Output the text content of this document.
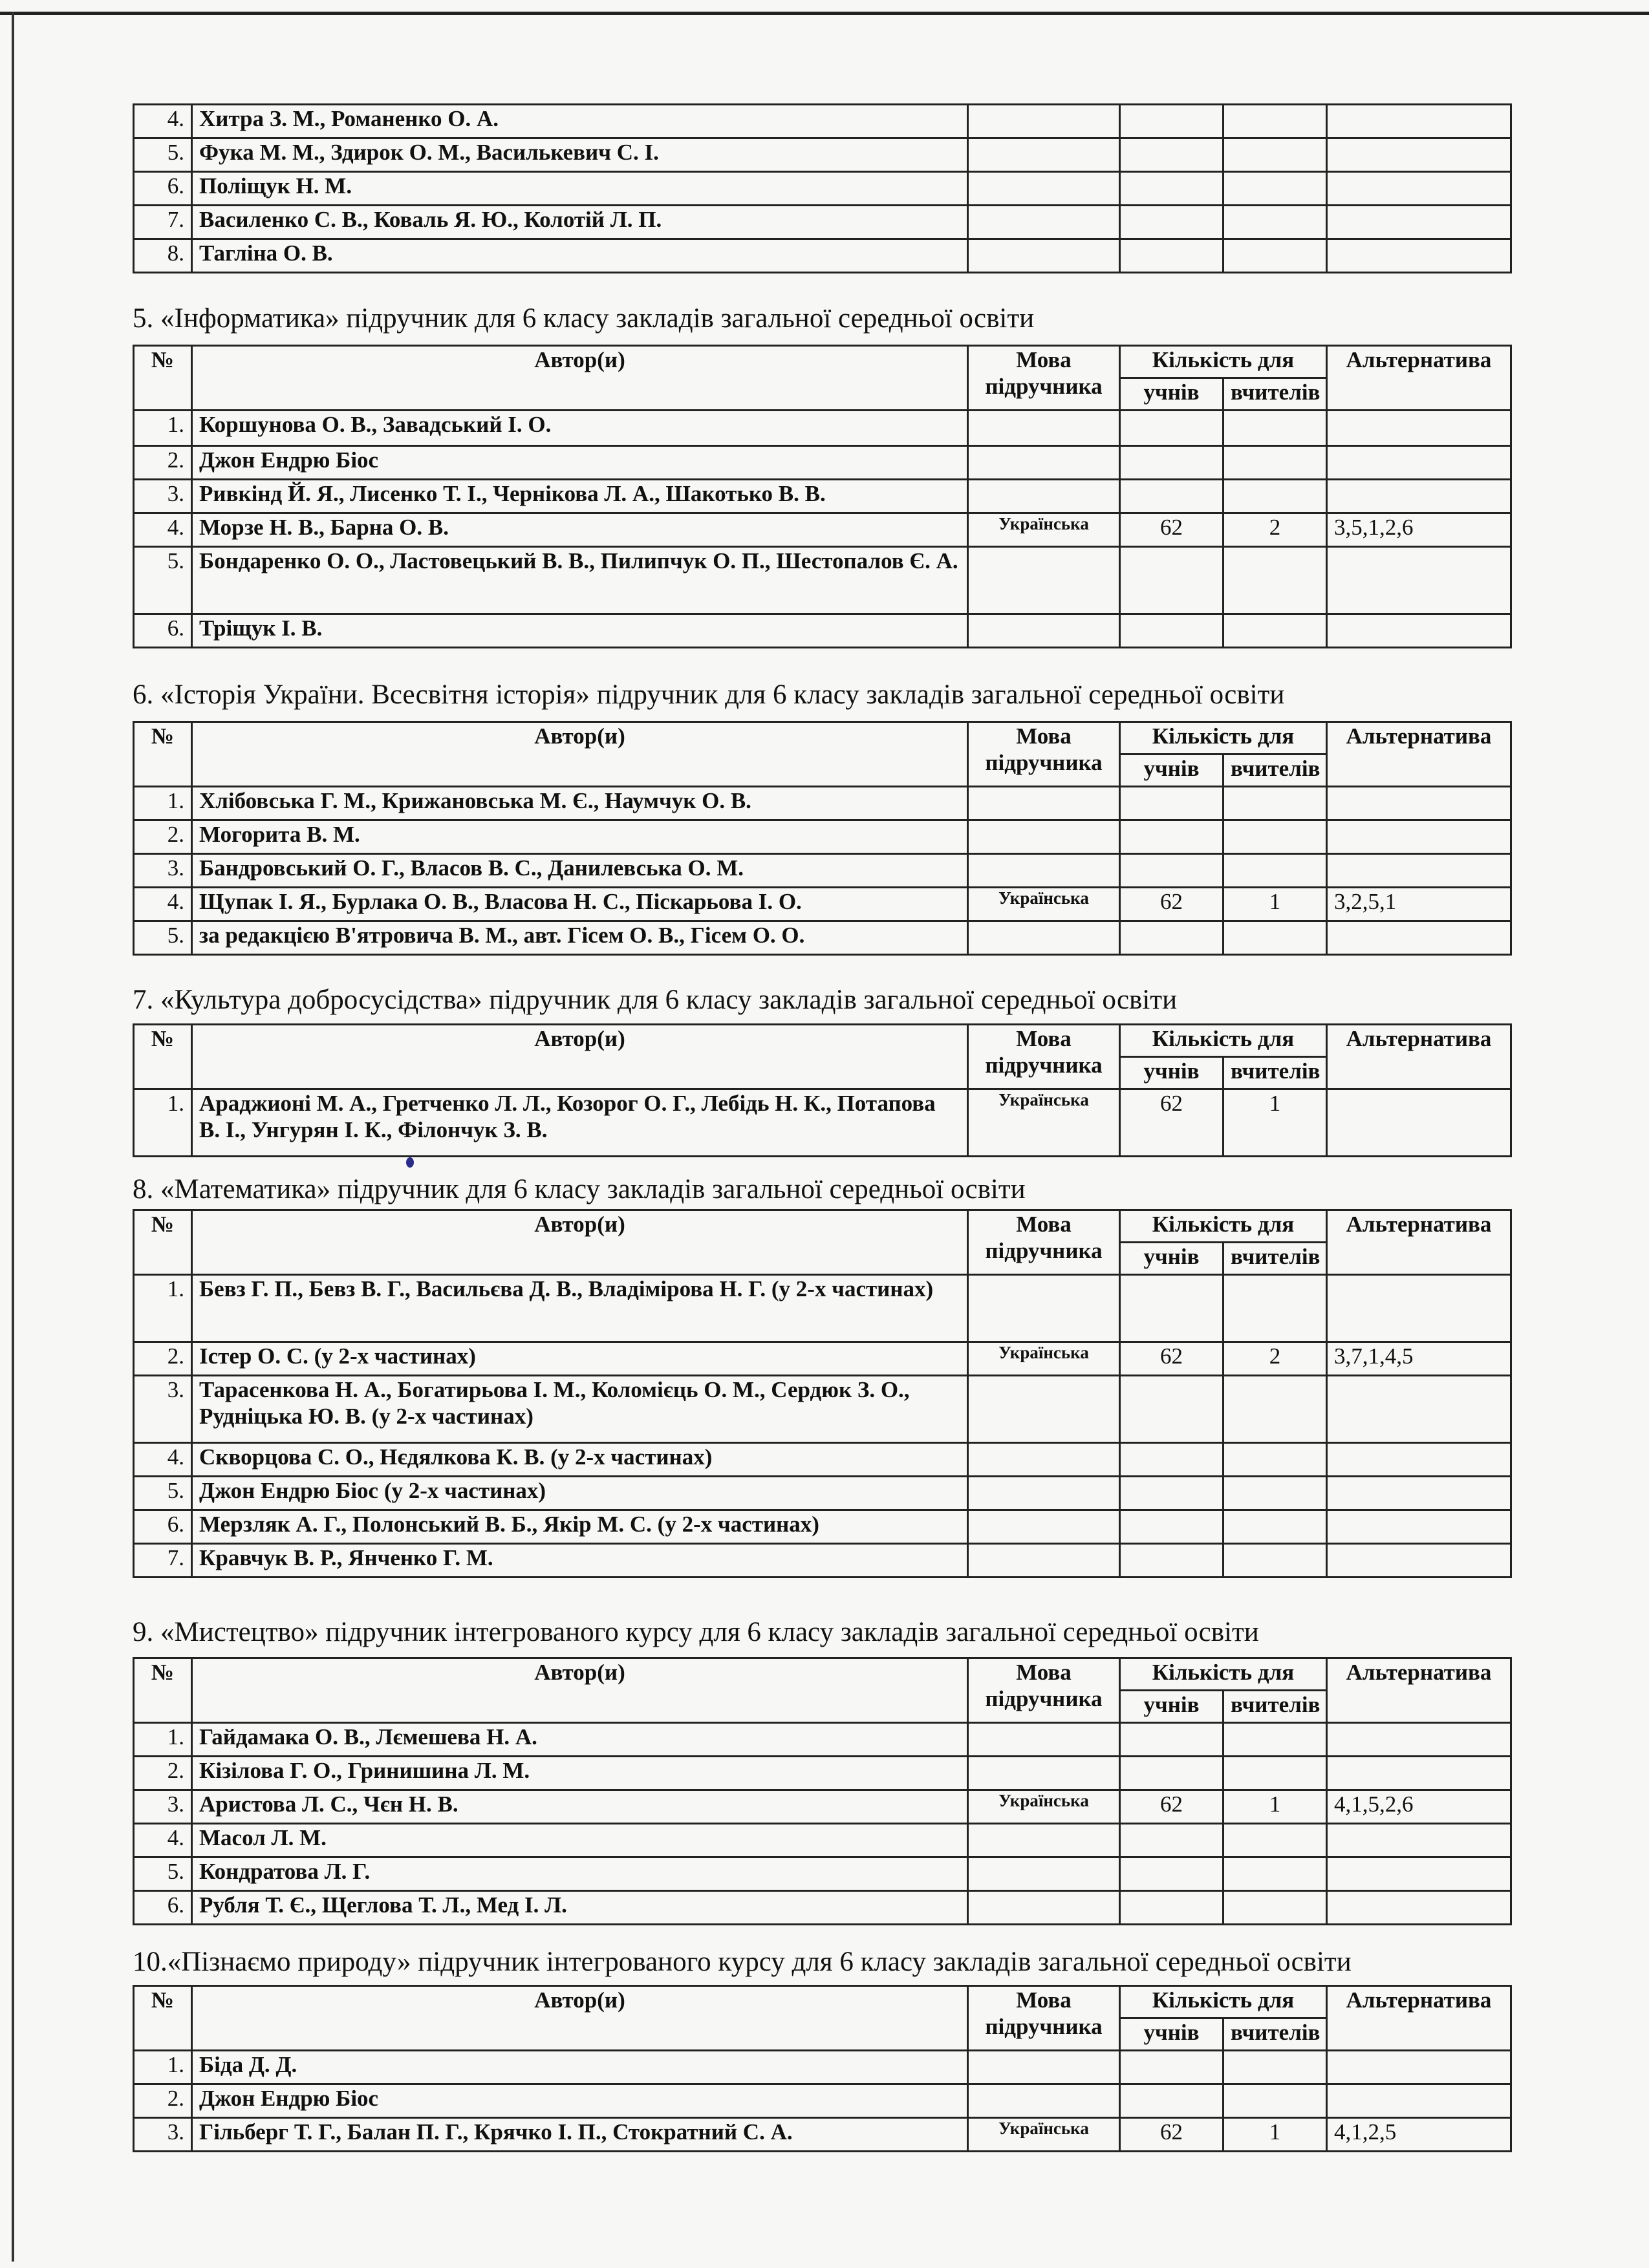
4.	Хитра З. М., Романенко О. А.				
5.	Фука М. М., Здирок О. М., Василькевич С. І.				
6.	Поліщук Н. М.				
7.	Василенко С. В., Коваль Я. Ю., Колотій Л. П.				
8.	Тагліна О. В.				
5. «Інформатика» підручник для 6 класу закладів загальної середньої освіти
№	Автор(и)	Мова підручника	Кількість для		Альтернатива
			учнів	вчителів	
1.	Коршунова О. В., Завадський І. О.				
2.	Джон Ендрю Біос				
3.	Ривкінд Й. Я., Лисенко Т. І., Чернікова Л. А., Шакотько В. В.				
4.	Морзе Н. В., Барна О. В.	Українська	62	2	3,5,1,2,6
5.	Бондаренко О. О., Ластовецький В. В., Пилипчук О. П., Шестопалов Є. А.				
6.	Тріщук І. В.				
6. «Історія України. Всесвітня історія» підручник для 6 класу закладів загальної середньої освіти
№	Автор(и)	Мова підручника	Кількість для		Альтернатива
			учнів	вчителів	
1.	Хлібовська Г. М., Крижановська М. Є., Наумчук О. В.				
2.	Могорита В. М.				
3.	Бандровський О. Г., Власов В. С., Данилевська О. М.				
4.	Щупак І. Я., Бурлака О. В., Власова Н. С., Піскарьова І. О.	Українська	62	1	3,2,5,1
5.	за редакцією В'ятровича В. М., авт. Гісем О. В., Гісем О. О.				
7. «Культура добросусідства» підручник для 6 класу закладів загальної середньої освіти
№	Автор(и)	Мова підручника	Кількість для		Альтернатива
			учнів	вчителів	
1.	Араджионі М. А., Гретченко Л. Л., Козорог О. Г., Лебідь Н. К., Потапова В. І., Унгурян І. К., Філончук З. В.	Українська	62	1	
8. «Математика» підручник для 6 класу закладів загальної середньої освіти
№	Автор(и)	Мова підручника	Кількість для		Альтернатива
			учнів	вчителів	
1.	Бевз Г. П., Бевз В. Г., Васильєва Д. В., Владімірова Н. Г. (у 2-х частинах)				
2.	Істер О. С. (у 2-х частинах)	Українська	62	2	3,7,1,4,5
3.	Тарасенкова Н. А., Богатирьова І. М., Коломієць О. М., Сердюк З. О., Рудніцька Ю. В. (у 2-х частинах)				
4.	Скворцова С. О., Нєдялкова К. В. (у 2-х частинах)				
5.	Джон Ендрю Біос (у 2-х частинах)				
6.	Мерзляк А. Г., Полонський В. Б., Якір М. С. (у 2-х частинах)				
7.	Кравчук В. Р., Янченко Г. М.				
9. «Мистецтво» підручник інтегрованого курсу для 6 класу закладів загальної середньої освіти
№	Автор(и)	Мова підручника	Кількість для		Альтернатива
			учнів	вчителів	
1.	Гайдамака О. В., Лємешева Н. А.				
2.	Кізілова Г. О., Гринишина Л. М.				
3.	Аристова Л. С., Чєн Н. В.	Українська	62	1	4,1,5,2,6
4.	Масол Л. М.				
5.	Кондратова Л. Г.				
6.	Рубля Т. Є., Щеглова Т. Л., Мед І. Л.				
10.«Пізнаємо природу» підручник інтегрованого курсу для 6 класу закладів загальної середньої освіти
№	Автор(и)	Мова підручника	Кількість для		Альтернатива
			учнів	вчителів	
1.	Біда Д. Д.				
2.	Джон Ендрю Біос				
3.	Гільберг Т. Г., Балан П. Г., Крячко І. П., Стократний С. А.	Українська	62	1	4,1,2,5
